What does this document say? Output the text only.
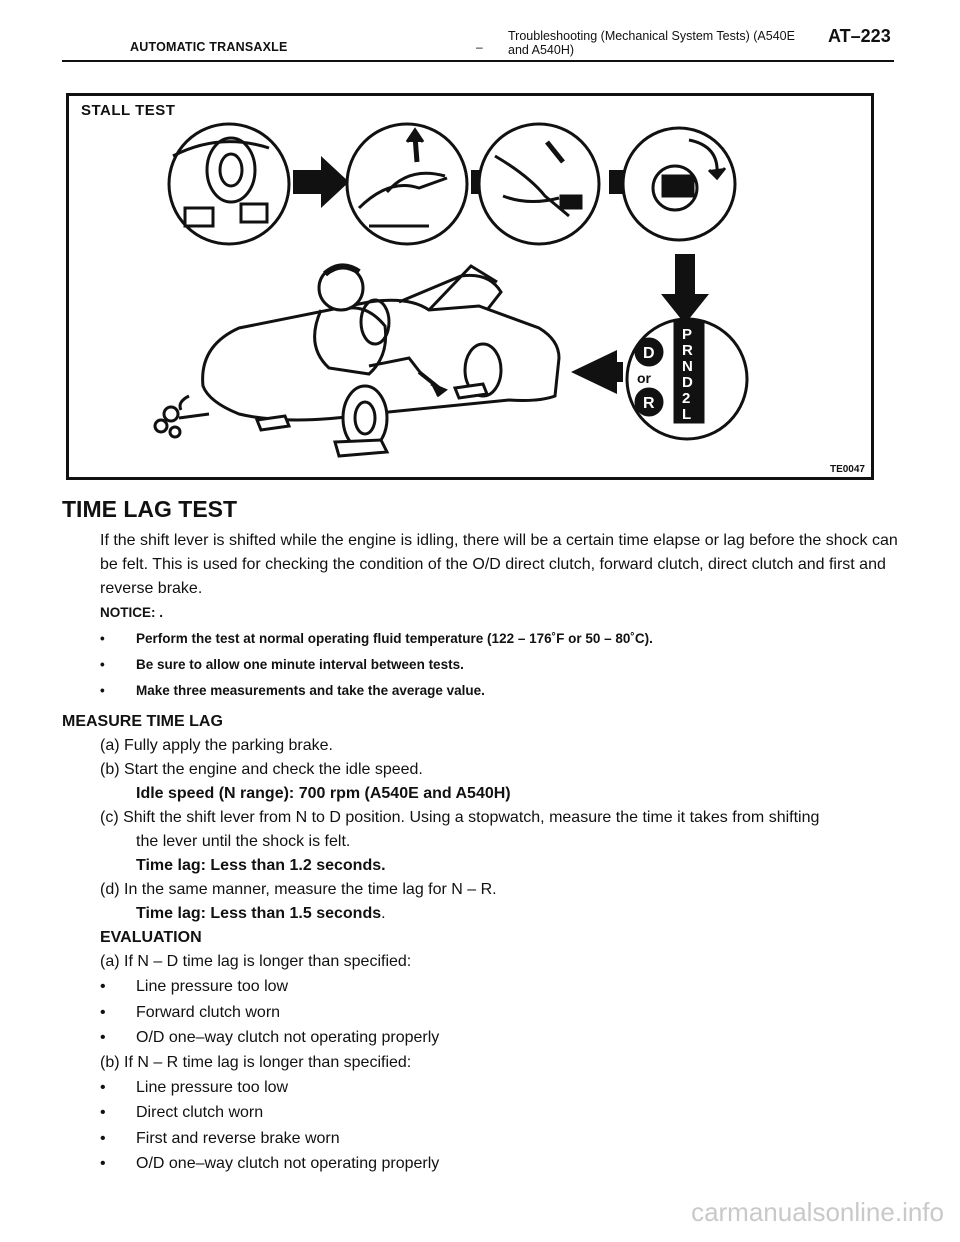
AUTOMATIC TRANSAXLE	–
Troubleshooting (Mechanical System Tests) (A540E and A540H)
AT–223
D
or
R
P
R
N
D
2
L
STALL TEST
TE0047
TIME LAG TEST
If the shift lever is shifted while the engine is idling, there will be a certain time elapse or lag before the shock can be felt. This is used for checking the condition of the O/D direct clutch, forward clutch, direct clutch and first and reverse brake.
NOTICE: .
• Perform the test at normal operating fluid temperature (122 – 176˚F or 50 – 80˚C).
• Be sure to allow one minute interval between tests.
• Make three measurements and take the average value.
MEASURE TIME LAG
(a) Fully apply the parking brake.
(b) Start the engine and check the idle speed.
Idle speed (N range): 700 rpm (A540E and A540H)
(c) Shift the shift lever from N to D position. Using a stopwatch, measure the time it takes from shifting
the lever until the shock is felt.
Time lag: Less than 1.2 seconds.
(d) In the same manner, measure the time lag for N – R.
Time lag: Less than 1.5 seconds.
EVALUATION
(a) If N – D time lag is longer than specified:
• Line pressure too low
• Forward clutch worn
• O/D one–way clutch not operating properly
(b) If N – R time lag is longer than specified:
• Line pressure too low
• Direct clutch worn
• First and reverse brake worn
• O/D one–way clutch not operating properly
carmanualsonline.info
